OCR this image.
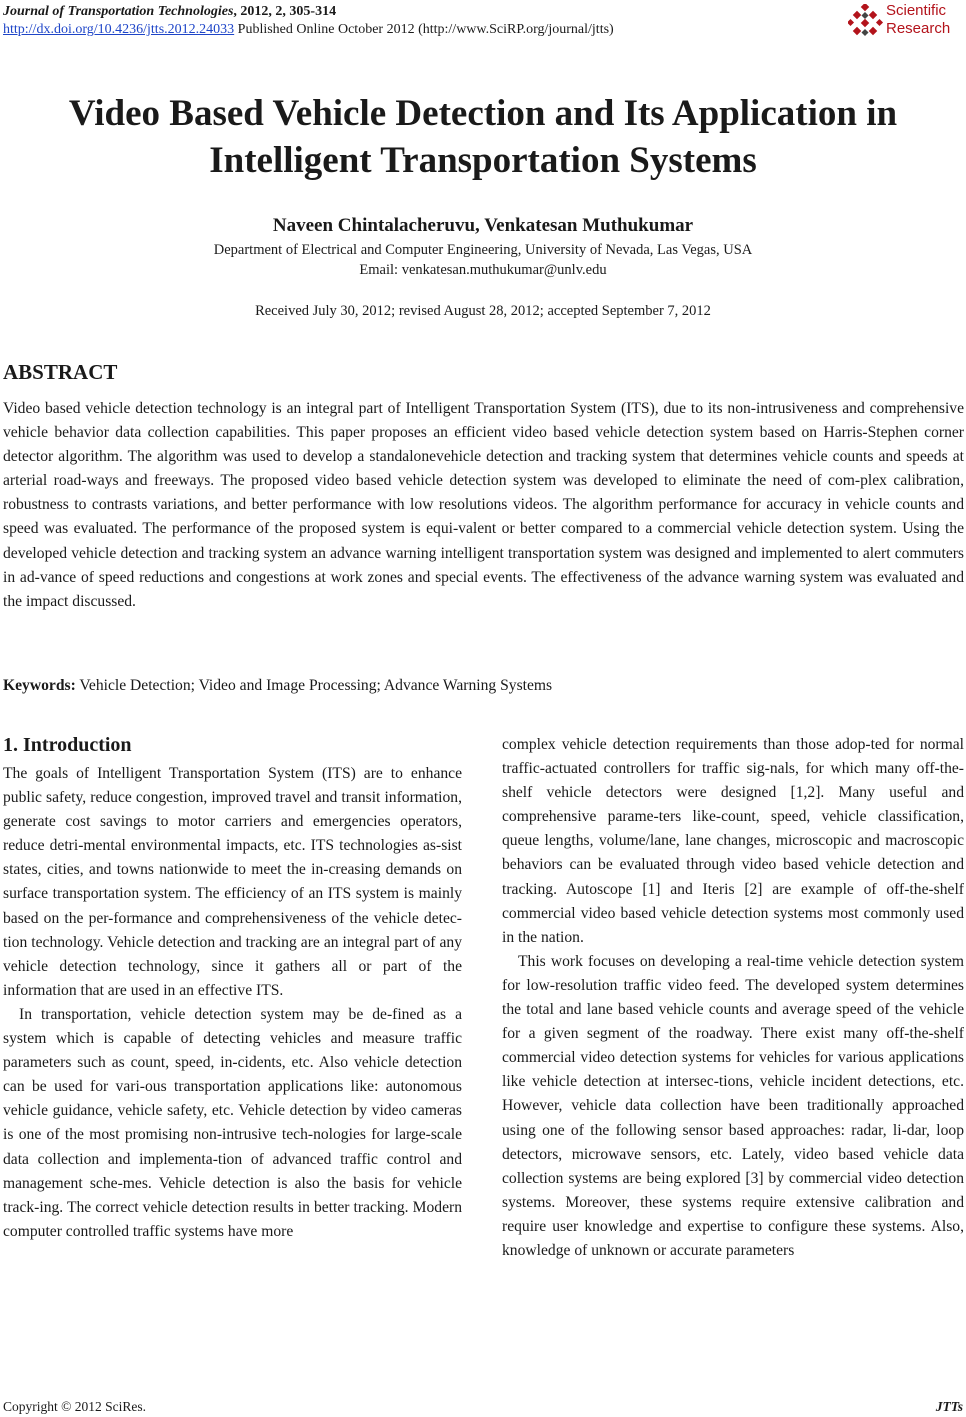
Journal of Transportation Technologies, 2012, 2, 305-314
http://dx.doi.org/10.4236/jtts.2012.24033 Published Online October 2012 (http://www.SciRP.org/journal/jtts)
Scientific
Research
Video Based Vehicle Detection and Its Application in
Intelligent Transportation Systems
Naveen Chintalacheruvu, Venkatesan Muthukumar
Department of Electrical and Computer Engineering, University of Nevada, Las Vegas, USA
Email: venkatesan.muthukumar@unlv.edu
Received July 30, 2012; revised August 28, 2012; accepted September 7, 2012
ABSTRACT

Video based vehicle detection technology is an integral part of Intelligent Transportation System (ITS), due to its non-intrusiveness and comprehensive vehicle behavior data collection capabilities. This paper proposes an efficient video based vehicle detection system based on Harris-Stephen corner detector algorithm. The algorithm was used to develop a standalonevehicle detection and tracking system that determines vehicle counts and speeds at arterial road-ways and freeways. The proposed video based vehicle detection system was developed to eliminate the need of com-plex calibration, robustness to contrasts variations, and better performance with low resolutions videos. The algorithm performance for accuracy in vehicle counts and speed was evaluated. The performance of the proposed system is equi-valent or better compared to a commercial vehicle detection system. Using the developed vehicle detection and tracking system an advance warning intelligent transportation system was designed and implemented to alert commuters in ad-vance of speed reductions and congestions at work zones and special events. The effectiveness of the advance warning system was evaluated and the impact discussed.

Keywords: Vehicle Detection; Video and Image Processing; Advance Warning Systems

1. Introduction

The goals of Intelligent Transportation System (ITS) are to enhance public safety, reduce congestion, improved travel and transit information, generate cost savings to motor carriers and emergencies operators, reduce detri-mental environmental impacts, etc. ITS technologies as-sist states, cities, and towns nationwide to meet the in-creasing demands on surface transportation system. The efficiency of an ITS system is mainly based on the per-formance and comprehensiveness of the vehicle detec-tion technology. Vehicle detection and tracking are an integral part of any vehicle detection technology, since it gathers all or part of the information that are used in an effective ITS.

In transportation, vehicle detection system may be de-fined as a system which is capable of detecting vehicles and measure traffic parameters such as count, speed, in-cidents, etc. Also vehicle detection can be used for vari-ous transportation applications like: autonomous vehicle guidance, vehicle safety, etc. Vehicle detection by video cameras is one of the most promising non-intrusive tech-nologies for large-scale data collection and implementa-tion of advanced traffic control and management sche-mes. Vehicle detection is also the basis for vehicle track-ing. The correct vehicle detection results in better tracking. Modern computer controlled traffic systems have more

complex vehicle detection requirements than those adop-ted for normal traffic-actuated controllers for traffic sig-nals, for which many off-the-shelf vehicle detectors were designed [1,2]. Many useful and comprehensive parame-ters like-count, speed, vehicle classification, queue lengths, volume/lane, lane changes, microscopic and macroscopic behaviors can be evaluated through video based vehicle detection and tracking. Autoscope [1] and Iteris [2] are example of off-the-shelf commercial video based vehicle detection systems most commonly used in the nation.

This work focuses on developing a real-time vehicle detection system for low-resolution traffic video feed. The developed system determines the total and lane based vehicle counts and average speed of the vehicle for a given segment of the roadway. There exist many off-the-shelf commercial video detection systems for vehicles for various applications like vehicle detection at intersec-tions, vehicle incident detections, etc. However, vehicle data collection have been traditionally approached using one of the following sensor based approaches: radar, li-dar, loop detectors, microwave sensors, etc. Lately, video based vehicle data collection systems are being explored [3] by commercial video detection systems. Moreover, these systems require extensive calibration and require user knowledge and expertise to configure these systems. Also, knowledge of unknown or accurate parameters

Copyright © 2012 SciRes.	JTTs
